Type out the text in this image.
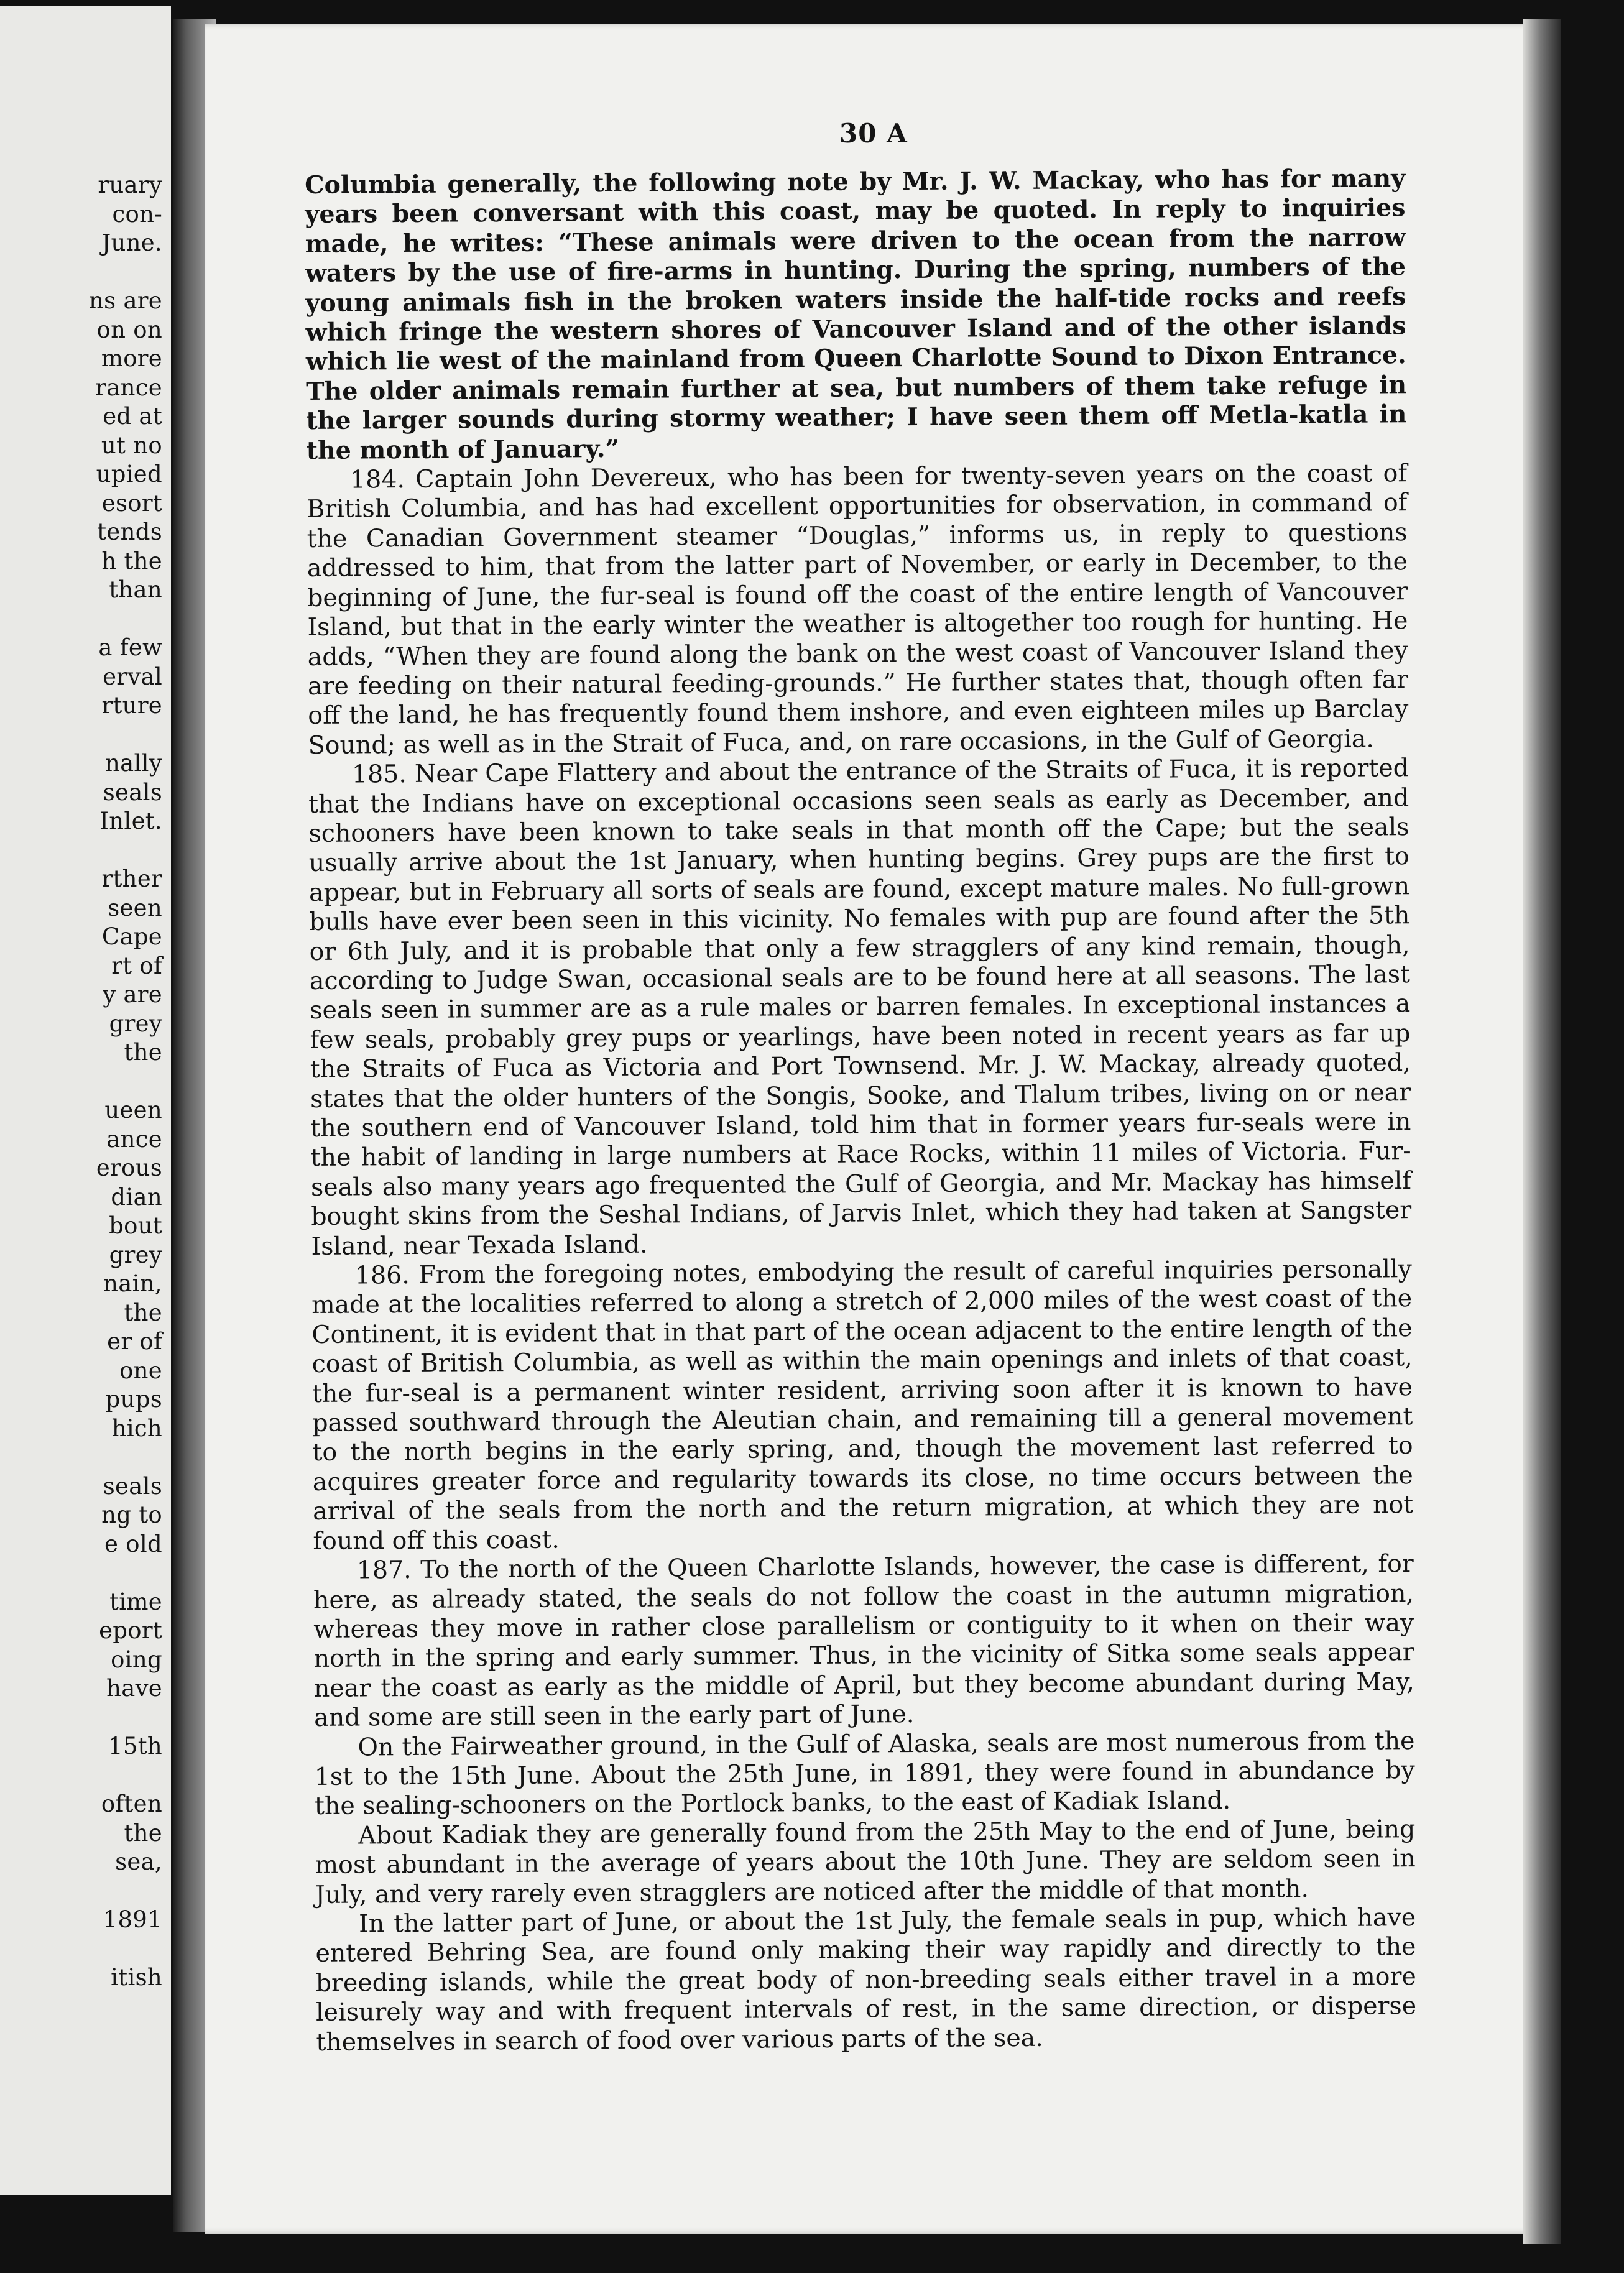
ruary
con-
June.
ns are
on on
more
rance
ed at
ut no
upied
esort
tends
h the
than
a few
erval
rture
nally
seals
Inlet.
rther
seen
Cape
rt of
y are
grey
the
ueen
ance
erous
dian
bout
grey
nain,
the
er of
one
pups
hich
seals
ng to
e old
time
eport
oing
have
15th
often
the
sea,
1891
itish
30 A

Columbia generally, the following note by Mr. J. W. Mackay, who has for many years been conversant with this coast, may be quoted. In reply to inquiries made, he writes: “These animals were driven to the ocean from the narrow waters by the use of fire-arms in hunting. During the spring, numbers of the young animals fish in the broken waters inside the half-tide rocks and reefs which fringe the western shores of Vancouver Island and of the other islands which lie west of the mainland from Queen Charlotte Sound to Dixon Entrance. The older animals remain further at sea, but numbers of them take refuge in the larger sounds during stormy weather; I have seen them off Metla-katla in the month of January.”

184. Captain John Devereux, who has been for twenty-seven years on the coast of British Columbia, and has had excellent opportunities for observation, in command of the Canadian Government steamer “Douglas,” informs us, in reply to questions addressed to him, that from the latter part of November, or early in December, to the beginning of June, the fur-seal is found off the coast of the entire length of Vancouver Island, but that in the early winter the weather is altogether too rough for hunting. He adds, “When they are found along the bank on the west coast of Vancouver Island they are feeding on their natural feeding-grounds.” He further states that, though often far off the land, he has frequently found them inshore, and even eighteen miles up Barclay Sound; as well as in the Strait of Fuca, and, on rare occasions, in the Gulf of Georgia.

185. Near Cape Flattery and about the entrance of the Straits of Fuca, it is reported that the Indians have on exceptional occasions seen seals as early as December, and schooners have been known to take seals in that month off the Cape; but the seals usually arrive about the 1st January, when hunting begins. Grey pups are the first to appear, but in February all sorts of seals are found, except mature males. No full-grown bulls have ever been seen in this vicinity. No females with pup are found after the 5th or 6th July, and it is probable that only a few stragglers of any kind remain, though, according to Judge Swan, occasional seals are to be found here at all seasons. The last seals seen in summer are as a rule males or barren females. In exceptional instances a few seals, probably grey pups or yearlings, have been noted in recent years as far up the Straits of Fuca as Victoria and Port Townsend. Mr. J. W. Mackay, already quoted, states that the older hunters of the Songis, Sooke, and Tlalum tribes, living on or near the southern end of Vancouver Island, told him that in former years fur-seals were in the habit of landing in large numbers at Race Rocks, within 11 miles of Victoria. Fur-seals also many years ago frequented the Gulf of Georgia, and Mr. Mackay has himself bought skins from the Seshal Indians, of Jarvis Inlet, which they had taken at Sangster Island, near Texada Island.

186. From the foregoing notes, embodying the result of careful inquiries personally made at the localities referred to along a stretch of 2,000 miles of the west coast of the Continent, it is evident that in that part of the ocean adjacent to the entire length of the coast of British Columbia, as well as within the main openings and inlets of that coast, the fur-seal is a permanent winter resident, arriving soon after it is known to have passed southward through the Aleutian chain, and remaining till a general movement to the north begins in the early spring, and, though the movement last referred to acquires greater force and regularity towards its close, no time occurs between the arrival of the seals from the north and the return migration, at which they are not found off this coast.

187. To the north of the Queen Charlotte Islands, however, the case is different, for here, as already stated, the seals do not follow the coast in the autumn migration, whereas they move in rather close parallelism or contiguity to it when on their way north in the spring and early summer. Thus, in the vicinity of Sitka some seals appear near the coast as early as the middle of April, but they become abundant during May, and some are still seen in the early part of June.

On the Fairweather ground, in the Gulf of Alaska, seals are most numerous from the 1st to the 15th June. About the 25th June, in 1891, they were found in abundance by the sealing-schooners on the Portlock banks, to the east of Kadiak Island.

About Kadiak they are generally found from the 25th May to the end of June, being most abundant in the average of years about the 10th June. They are seldom seen in July, and very rarely even stragglers are noticed after the middle of that month.

In the latter part of June, or about the 1st July, the female seals in pup, which have entered Behring Sea, are found only making their way rapidly and directly to the breeding islands, while the great body of non-breeding seals either travel in a more leisurely way and with frequent intervals of rest, in the same direction, or disperse themselves in search of food over various parts of the sea.
